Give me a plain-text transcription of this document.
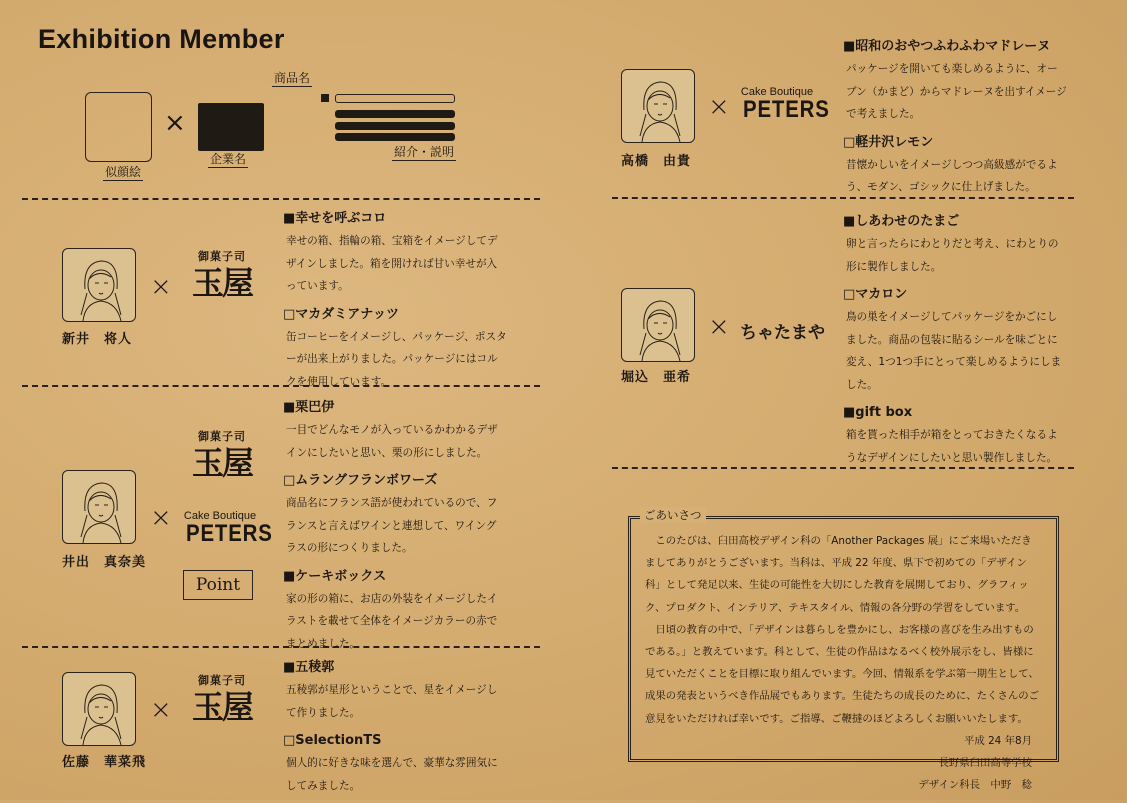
Exhibition Member
似顔絵
×
企業名
商品名
紹介・説明
新井　将人
×
御菓子司
玉屋
■幸せを呼ぶコロ
幸せの箱、指輪の箱、宝箱をイメージしてデザインしました。箱を開ければ甘い幸せが入っています。
□マカダミアナッツ
缶コーヒーをイメージし、パッケージ、ポスターが出来上がりました。パッケージにはコルクを使用しています。
井出　真奈美
×
御菓子司
玉屋
Cake Boutique
PETERS
Point
■栗巴伊
一目でどんなモノが入っているかわかるデザインにしたいと思い、栗の形にしました。
□ムラングフランボワーズ
商品名にフランス語が使われているので、フランスと言えばワインと連想して、ワイングラスの形につくりました。
■ケーキボックス
家の形の箱に、お店の外装をイメージしたイラストを載せて全体をイメージカラーの赤でまとめました。
佐藤　華菜飛
×
御菓子司
玉屋
■五稜郭
五稜郭が星形ということで、星をイメージして作りました。
□SelectionTS
個人的に好きな味を選んで、豪華な雰囲気にしてみました。
高橋　由貴
×	Cake Boutique
PETERS
■昭和のおやつふわふわマドレーヌ
パッケージを開いても楽しめるように、オーブン（かまど）からマドレーヌを出すイメージで考えました。
□軽井沢レモン
昔懐かしいをイメージしつつ高級感がでるよう、モダン、ゴシックに仕上げました。
堀込　亜希
× ちゃたまや
■しあわせのたまご
卵と言ったらにわとりだと考え、にわとりの形に製作しました。
□マカロン
鳥の巣をイメージしてパッケージをかごにしました。商品の包装に貼るシールを味ごとに変え、1つ1つ手にとって楽しめるようにしました。
■gift box
箱を貰った相手が箱をとっておきたくなるようなデザインにしたいと思い製作しました。
ごあいさつ

このたびは、臼田高校デザイン科の「Another Packages 展」にご来場いただきましてありがとうございます。当科は、平成 22 年度、県下で初めての「デザイン科」として発足以来、生徒の可能性を大切にした教育を展開しており、グラフィック、プロダクト、インテリア、テキスタイル、情報の各分野の学習をしています。

日頃の教育の中で、「デザインは暮らしを豊かにし、お客様の喜びを生み出すものである。」と教えています。科として、生徒の作品はなるべく校外展示をし、皆様に見ていただくことを目標に取り組んでいます。今回、情報系を学ぶ第一期生として、成果の発表というべき作品展でもあります。生徒たちの成長のために、たくさんのご意見をいただければ幸いです。ご指導、ご鞭撻のほどよろしくお願いいたします。

平成 24 年8月
長野県臼田高等学校
デザイン科長　中野　稔
